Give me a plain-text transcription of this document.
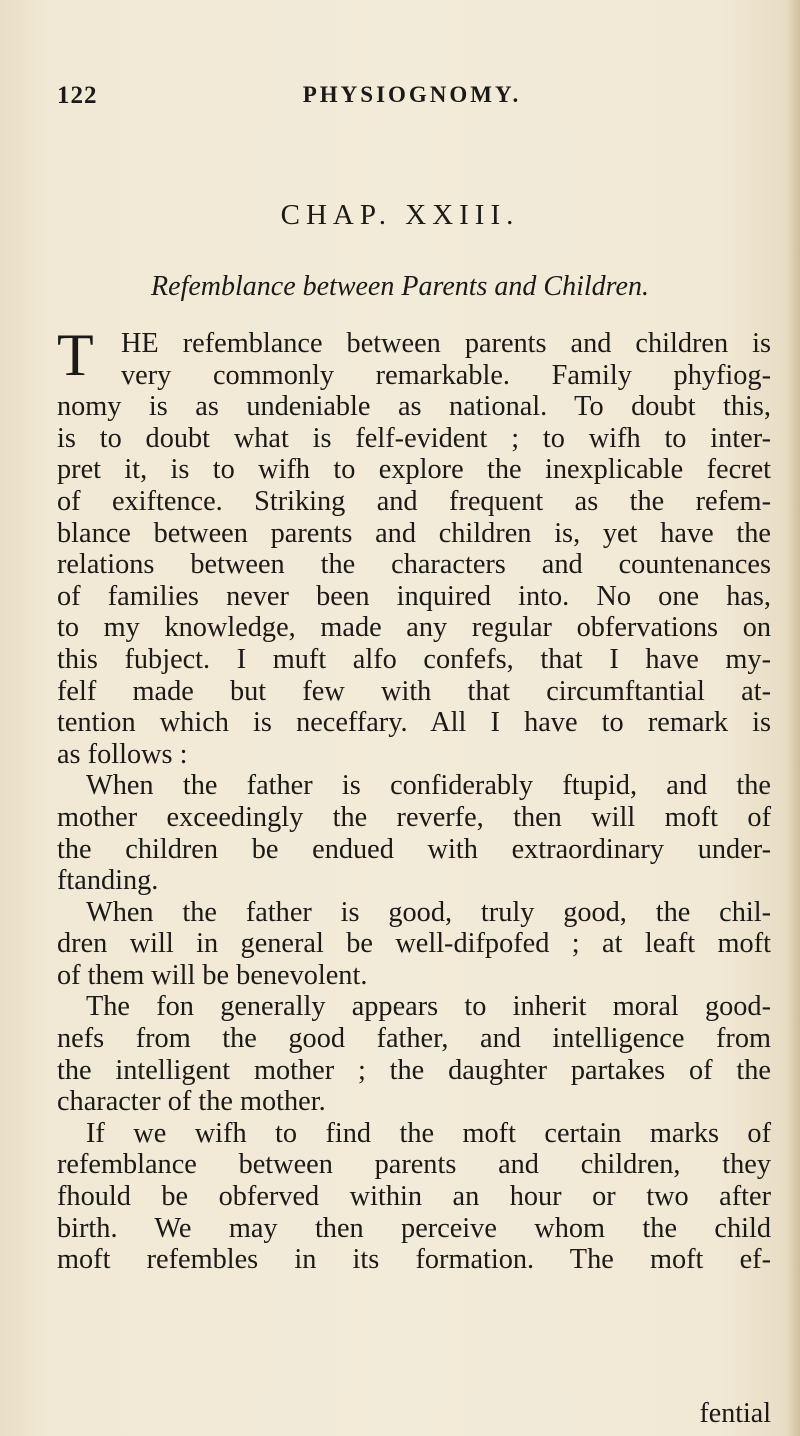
122	PHYSIOGNOMY.
CHAP. XXIII.
Refemblance between Parents and Children.
T HE refemblance between parents and children is
very commonly remarkable. Family phyfiog-
nomy is as undeniable as national. To doubt this,
is to doubt what is felf-evident ; to wifh to inter-
pret it, is to wifh to explore the inexplicable fecret
of exiftence. Striking and frequent as the refem-
blance between parents and children is, yet have the
relations between the characters and countenances
of families never been inquired into. No one has,
to my knowledge, made any regular obfervations on
this fubject. I muft alfo confefs, that I have my-
felf made but few with that circumftantial at-
tention which is neceffary. All I have to remark is
as follows :
When the father is confiderably ftupid, and the
mother exceedingly the reverfe, then will moft of
the children be endued with extraordinary under-
ftanding.
When the father is good, truly good, the chil-
dren will in general be well-difpofed ; at leaft moft
of them will be benevolent.
The fon generally appears to inherit moral good-
nefs from the good father, and intelligence from
the intelligent mother ; the daughter partakes of the
character of the mother.
If we wifh to find the moft certain marks of
refemblance between parents and children, they
fhould be obferved within an hour or two after
birth. We may then perceive whom the child
moft refembles in its formation. The moft ef-
fential
